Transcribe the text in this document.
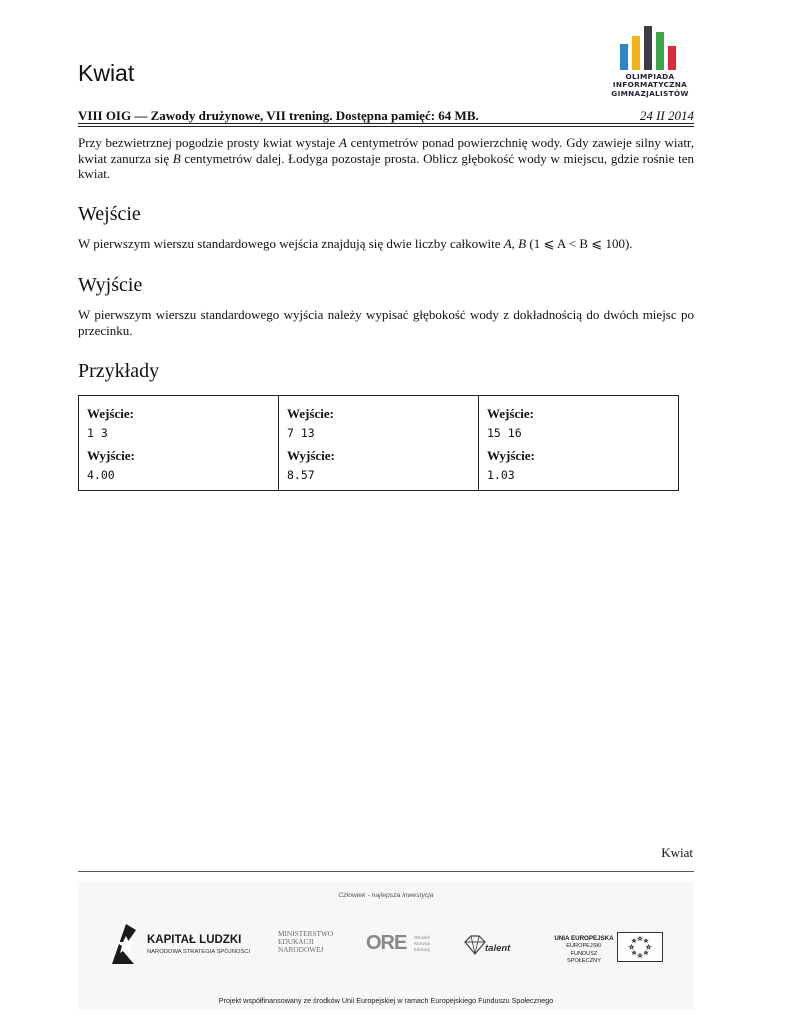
Kwiat	OLIMPIADA
INFORMATYCZNA
GIMNAZJALISTÓW
VIII OIG — Zawody drużynowe, VII trening. Dostępna pamięć: 64 MB.	24 II 2014

Przy bezwietrznej pogodzie prosty kwiat wystaje A centymetrów ponad powierzchnię wody. Gdy zawieje silny wiatr, kwiat zanurza się B centymetrów dalej. Łodyga pozostaje prosta. Oblicz głębokość wody w miejscu, gdzie rośnie ten kwiat.

Wejście

W pierwszym wierszu standardowego wejścia znajdują się dwie liczby całkowite A, B (1 ⩽ A < B ⩽ 100).

Wyjście

W pierwszym wierszu standardowego wyjścia należy wypisać głębokość wody z dokładnością do dwóch miejsc po przecinku.

Przykłady
Wejście:
1 3
Wyjście:
4.00
Wejście:
7 13
Wyjście:
8.57
Wejście:
15 16
Wyjście:
1.03
Kwiat
Człowiek - najlepsza inwestycja
KAPITAŁ LUDZKI
NARODOWA STRATEGIA SPÓJNOŚCI
MINISTERSTWO
EDUKACJI
NARODOWEJ	ORE Ośrodek
Rozwoju
Edukacji	talent
UNIA EUROPEJSKA
EUROPEJSKI
FUNDUSZ SPOŁECZNY
Projekt współfinansowany ze środków Unii Europejskiej w ramach Europejskiego Funduszu Społecznego
